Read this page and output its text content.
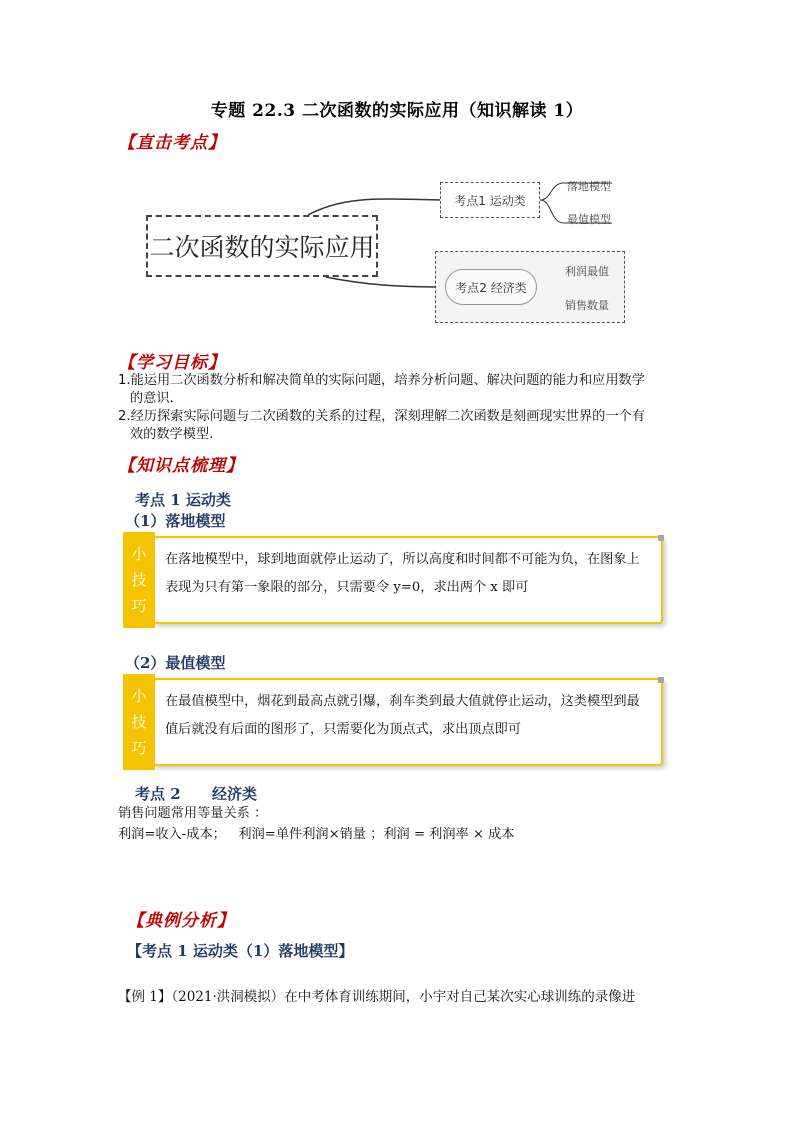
专题 22.3 二次函数的实际应用（知识解读 1）
【直击考点】
二次函数的实际应用
考点1 运动类
考点2 经济类
落地模型
最值模型
利润最值
销售数量
【学习目标】

1.能运用二次函数分析和解决简单的实际问题，培养分析问题、解决问题的能力和应用数学

的意识.

2.经历探索实际问题与二次函数的关系的过程，深刻理解二次函数是刻画现实世界的一个有

效的数学模型.

【知识点梳理】
考点 1 运动类
（1）落地模型
小
技
巧
在落地模型中，球到地面就停止运动了，所以高度和时间都不可能为负，在图象上
表现为只有第一象限的部分，只需要令 y=0，求出两个 x 即可
（2）最值模型
小
技
巧
在最值模型中，烟花到最高点就引爆，刹车类到最大值就停止运动，这类模型到最
值后就没有后面的图形了，只需要化为顶点式，求出顶点即可
考点 2      经济类
销售问题常用等量关系 ：
利润=收入-成本；   利润=单件利润×销量 ；利润 = 利润率 × 成本
【典例分析】
【考点 1 运动类（1）落地模型】
【例 1】（2021·洪洞模拟）在中考体育训练期间，小宇对自己某次实心球训练的录像进
